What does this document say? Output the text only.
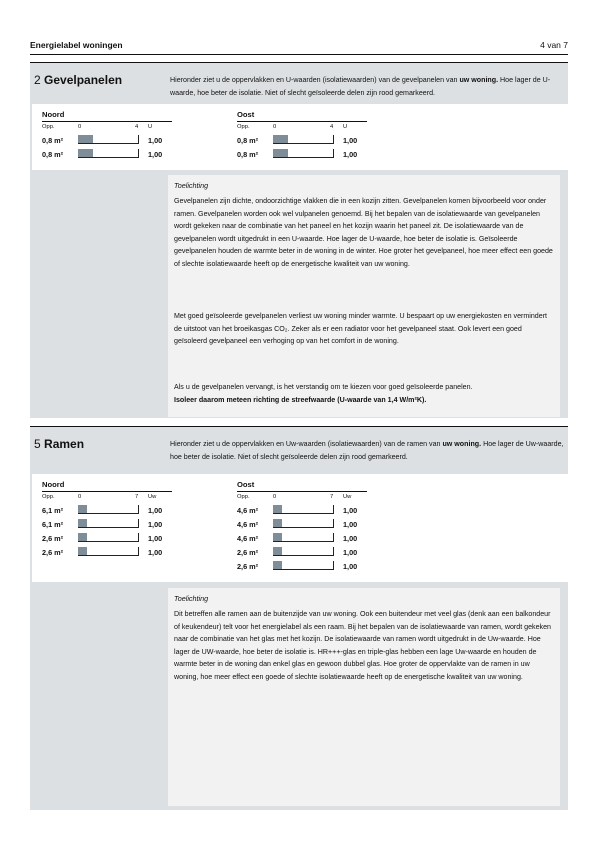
Energielabel woningen	4 van 7
2 Gevelpanelen	Hieronder ziet u de oppervlakken en U-waarden (isolatiewaarden) van de gevelpanelen van uw woning. Hoe lager de U-waarde, hoe beter de isolatie. Niet of slecht geïsoleerde delen zijn rood gemarkeerd.
Noord
Opp.	0	4 U
0,8 m²	1,00
0,8 m²	1,00
Oost
Opp.	0	4 U
0,8 m²	1,00
0,8 m²	1,00
Toelichting

Gevelpanelen zijn dichte, ondoorzichtige vlakken die in een kozijn zitten. Gevelpanelen komen bijvoorbeeld voor onder ramen. Gevelpanelen worden ook wel vulpanelen genoemd. Bij het bepalen van de isolatiewaarde van gevelpanelen wordt gekeken naar de combinatie van het paneel en het kozijn waarin het paneel zit. De isolatiewaarde van de gevelpanelen wordt uitgedrukt in een U-waarde. Hoe lager de U-waarde, hoe beter de isolatie is. Geïsoleerde gevelpanelen houden de warmte beter in de woning in de winter. Hoe groter het gevelpaneel, hoe meer effect een goede of slechte isolatiewaarde heeft op de energetische kwaliteit van uw woning.

Met goed geïsoleerde gevelpanelen verliest uw woning minder warmte. U bespaart op uw energiekosten en vermindert de uitstoot van het broeikasgas CO₂. Zeker als er een radiator voor het gevelpaneel staat. Ook levert een goed geïsoleerd gevelpaneel een verhoging op van het comfort in de woning.

Als u de gevelpanelen vervangt, is het verstandig om te kiezen voor goed geïsoleerde panelen.
Isoleer daarom meteen richting de streefwaarde (U-waarde van 1,4 W/m²K).

5 Ramen	Hieronder ziet u de oppervlakken en Uw-waarden (isolatiewaarden) van de ramen van uw woning. Hoe lager de Uw-waarde, hoe beter de isolatie. Niet of slecht geïsoleerde delen zijn rood gemarkeerd.
Noord
Opp.	0	7 Uw
6,1 m²	1,00
6,1 m²	1,00
2,6 m²	1,00
2,6 m²	1,00
Oost
Opp.	0	7 Uw
4,6 m²	1,00
4,6 m²	1,00
4,6 m²	1,00
2,6 m²	1,00
2,6 m²	1,00
Toelichting

Dit betreffen alle ramen aan de buitenzijde van uw woning. Ook een buitendeur met veel glas (denk aan een balkondeur of keukendeur) telt voor het energielabel als een raam. Bij het bepalen van de isolatiewaarde van ramen, wordt gekeken naar de combinatie van het glas met het kozijn. De isolatiewaarde van ramen wordt uitgedrukt in de Uw-waarde. Hoe lager de UW-waarde, hoe beter de isolatie is. HR+++-glas en triple-glas hebben een lage Uw-waarde en houden de warmte beter in de woning dan enkel glas en gewoon dubbel glas. Hoe groter de oppervlakte van de ramen in uw woning, hoe meer effect een goede of slechte isolatiewaarde heeft op de energetische kwaliteit van uw woning.
